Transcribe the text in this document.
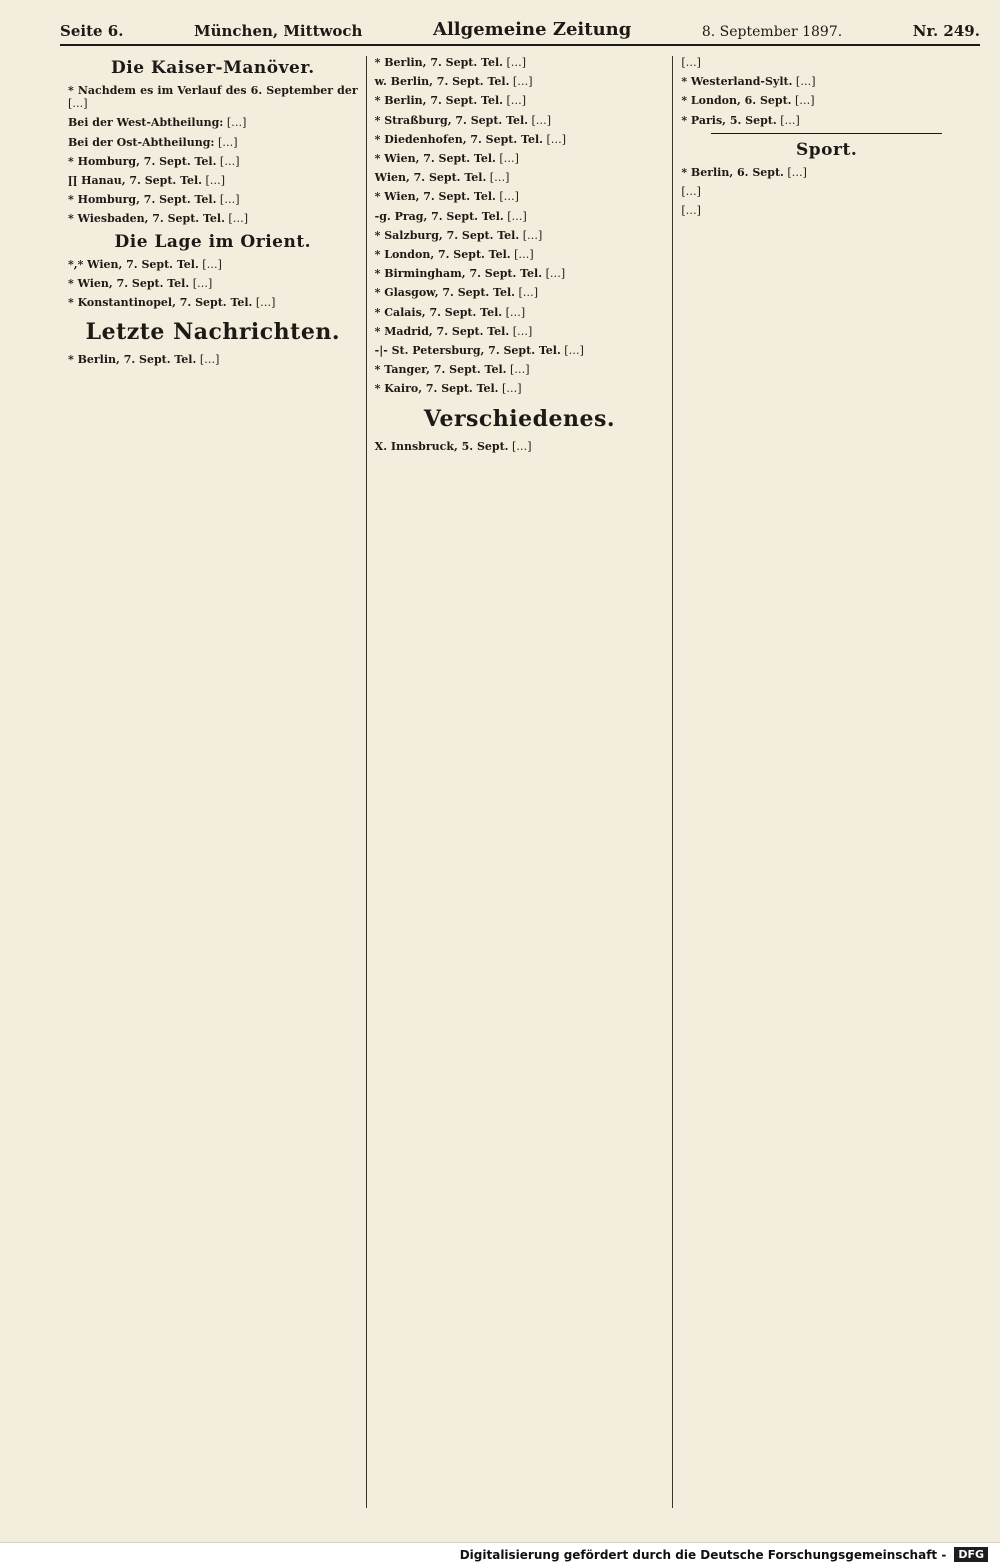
Seite 6.	München, Mittwoch	Allgemeine Zeitung	8. September 1897.	Nr. 249.
Die Kaiser-Manöver.

* Nachdem es im Verlauf des 6. September der […]

Bei der West-Abtheilung: […]

Bei der Ost-Abtheilung: […]

* Homburg, 7. Sept. Tel. […]

∏ Hanau, 7. Sept. Tel. […]

* Homburg, 7. Sept. Tel. […]

* Wiesbaden, 7. Sept. Tel. […]

Die Lage im Orient.

*,* Wien, 7. Sept. Tel. […]

* Wien, 7. Sept. Tel. […]

* Konstantinopel, 7. Sept. Tel. […]

Letzte Nachrichten.

* Berlin, 7. Sept. Tel. […]

* Berlin, 7. Sept. Tel. […]

w. Berlin, 7. Sept. Tel. […]

* Berlin, 7. Sept. Tel. […]

* Straßburg, 7. Sept. Tel. […]

* Diedenhofen, 7. Sept. Tel. […]

* Wien, 7. Sept. Tel. […]

Wien, 7. Sept. Tel. […]

* Wien, 7. Sept. Tel. […]

-g. Prag, 7. Sept. Tel. […]

* Salzburg, 7. Sept. Tel. […]

* London, 7. Sept. Tel. […]

* Birmingham, 7. Sept. Tel. […]

* Glasgow, 7. Sept. Tel. […]

* Calais, 7. Sept. Tel. […]

* Madrid, 7. Sept. Tel. […]

-|- St. Petersburg, 7. Sept. Tel. […]

* Tanger, 7. Sept. Tel. […]

* Kairo, 7. Sept. Tel. […]

Verschiedenes.

X. Innsbruck, 5. Sept. […]

[…]

* Westerland-Sylt. […]

* London, 6. Sept. […]

* Paris, 5. Sept. […]

Sport.

* Berlin, 6. Sept. […]

[…]

[…]

Digitalisierung gefördert durch die Deutsche Forschungsgemeinschaft -	DFG
